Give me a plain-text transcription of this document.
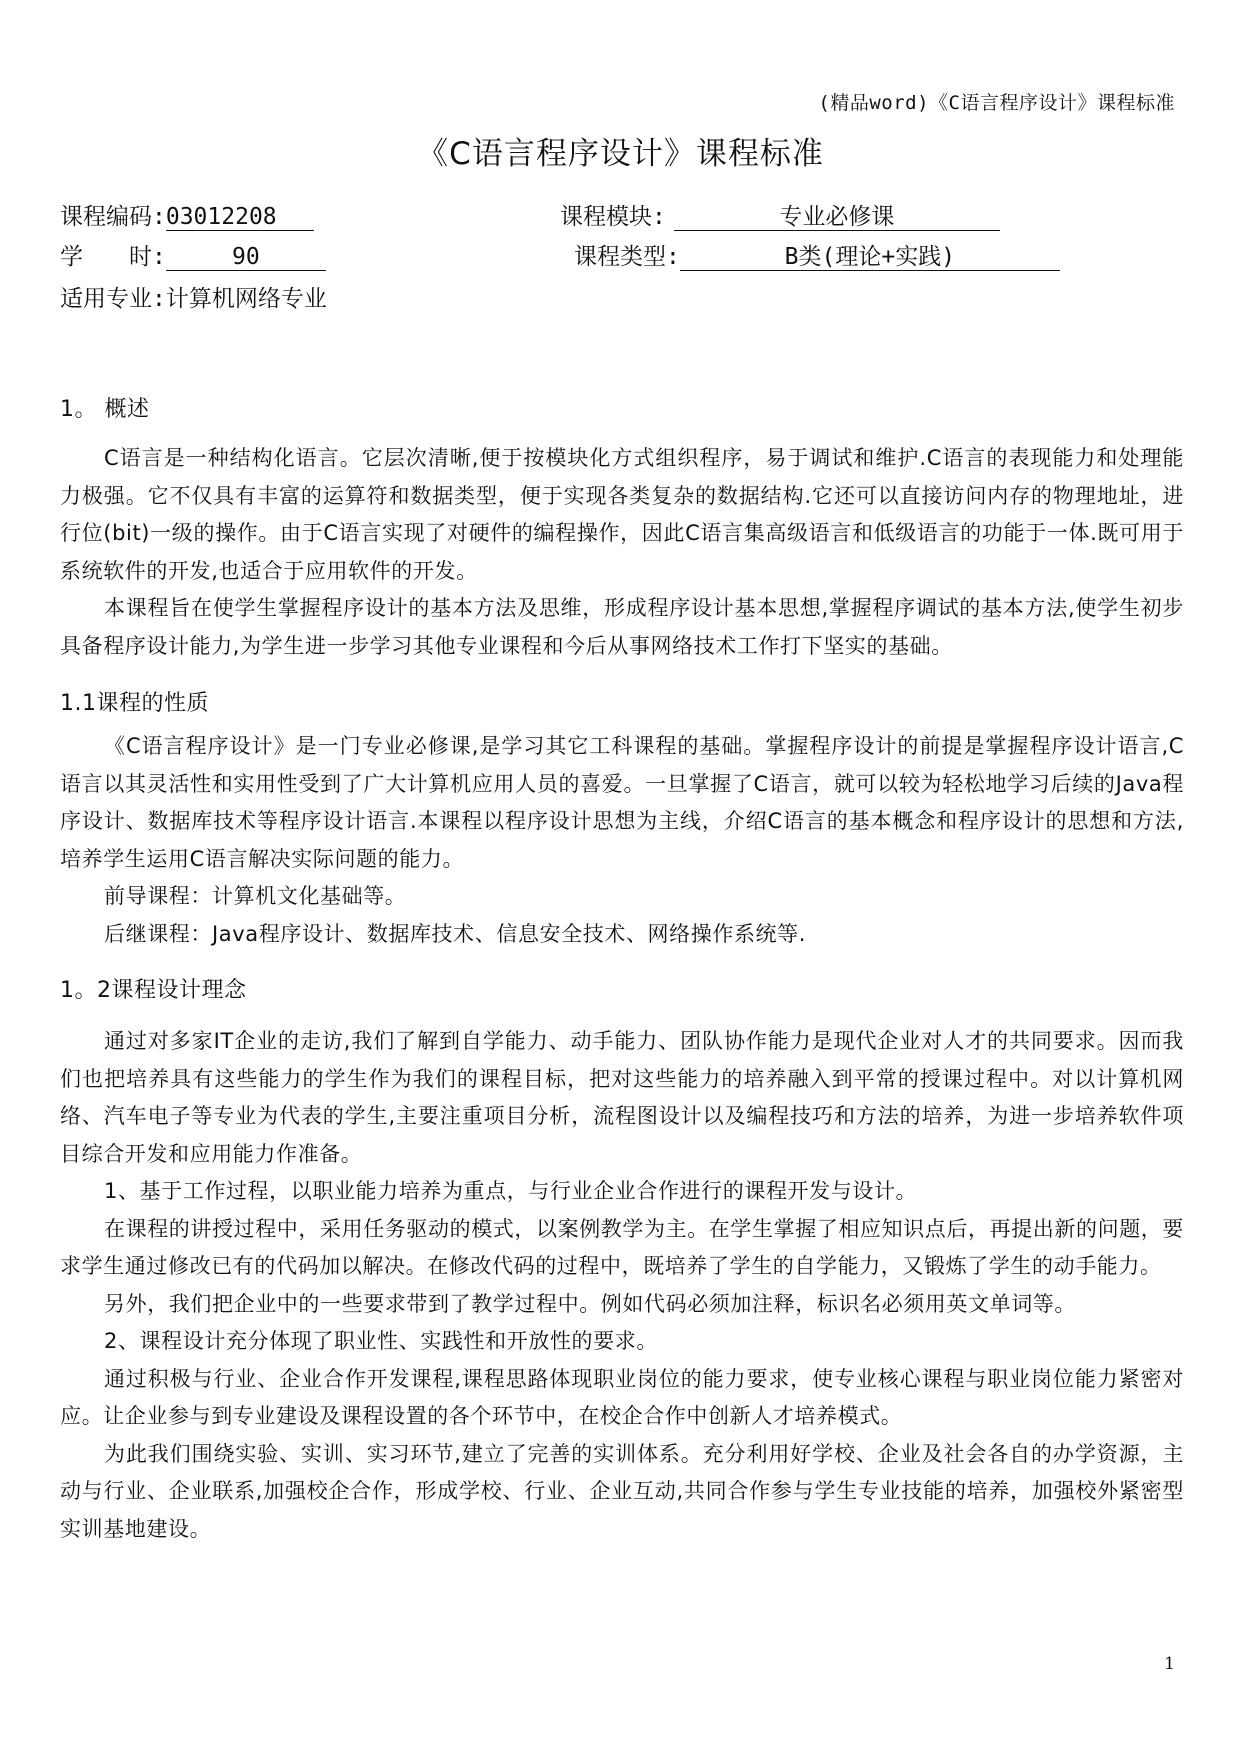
(精品word)《C语言程序设计》课程标准
《C语言程序设计》课程标准
课程编码: 03012208	课程模块:	专业必修课
学　　时:	90	课程类型:	B类(理论+实践)
适用专业: 计算机网络专业
1。 概述

C语言是一种结构化语言。它层次清晰,便于按模块化方式组织程序，易于调试和维护.C语言的表现能力和处理能力极强。它不仅具有丰富的运算符和数据类型，便于实现各类复杂的数据结构.它还可以直接访问内存的物理地址，进行位(bit)一级的操作。由于C语言实现了对硬件的编程操作，因此C语言集高级语言和低级语言的功能于一体.既可用于系统软件的开发,也适合于应用软件的开发。

本课程旨在使学生掌握程序设计的基本方法及思维，形成程序设计基本思想,掌握程序调试的基本方法,使学生初步具备程序设计能力,为学生进一步学习其他专业课程和今后从事网络技术工作打下坚实的基础。

1.1课程的性质

《C语言程序设计》是一门专业必修课,是学习其它工科课程的基础。掌握程序设计的前提是掌握程序设计语言,C语言以其灵活性和实用性受到了广大计算机应用人员的喜爱。一旦掌握了C语言，就可以较为轻松地学习后续的Java程序设计、数据库技术等程序设计语言.本课程以程序设计思想为主线，介绍C语言的基本概念和程序设计的思想和方法,培养学生运用C语言解决实际问题的能力。

前导课程：计算机文化基础等。

后继课程：Java程序设计、数据库技术、信息安全技术、网络操作系统等.

1。2课程设计理念

通过对多家IT企业的走访,我们了解到自学能力、动手能力、团队协作能力是现代企业对人才的共同要求。因而我们也把培养具有这些能力的学生作为我们的课程目标，把对这些能力的培养融入到平常的授课过程中。对以计算机网络、汽车电子等专业为代表的学生,主要注重项目分析，流程图设计以及编程技巧和方法的培养，为进一步培养软件项目综合开发和应用能力作准备。

1、基于工作过程，以职业能力培养为重点，与行业企业合作进行的课程开发与设计。

在课程的讲授过程中，采用任务驱动的模式，以案例教学为主。在学生掌握了相应知识点后，再提出新的问题，要求学生通过修改已有的代码加以解决。在修改代码的过程中，既培养了学生的自学能力，又锻炼了学生的动手能力。

另外，我们把企业中的一些要求带到了教学过程中。例如代码必须加注释，标识名必须用英文单词等。

2、课程设计充分体现了职业性、实践性和开放性的要求。

通过积极与行业、企业合作开发课程,课程思路体现职业岗位的能力要求，使专业核心课程与职业岗位能力紧密对应。让企业参与到专业建设及课程设置的各个环节中，在校企合作中创新人才培养模式。

为此我们围绕实验、实训、实习环节,建立了完善的实训体系。充分利用好学校、企业及社会各自的办学资源，主动与行业、企业联系,加强校企合作，形成学校、行业、企业互动,共同合作参与学生专业技能的培养，加强校外紧密型实训基地建设。

1
